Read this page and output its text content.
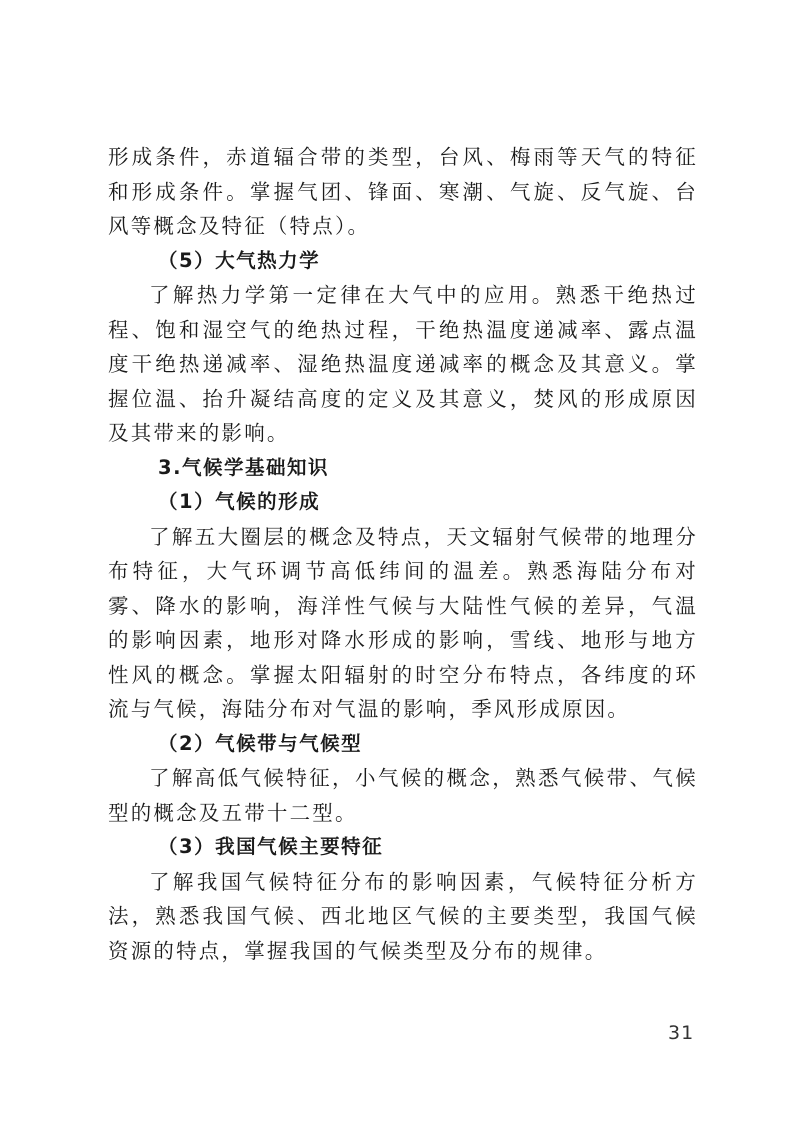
形成条件，赤道辐合带的类型，台风、梅雨等天气的特征和形成条件。掌握气团、锋面、寒潮、气旋、反气旋、台风等概念及特征（特点）。

（5）大气热力学

了解热力学第一定律在大气中的应用。熟悉干绝热过程、饱和湿空气的绝热过程，干绝热温度递减率、露点温度干绝热递减率、湿绝热温度递减率的概念及其意义。掌握位温、抬升凝结高度的定义及其意义，焚风的形成原因及其带来的影响。

3.气候学基础知识

（1）气候的形成

了解五大圈层的概念及特点，天文辐射气候带的地理分布特征，大气环调节高低纬间的温差。熟悉海陆分布对雾、降水的影响，海洋性气候与大陆性气候的差异，气温的影响因素，地形对降水形成的影响，雪线、地形与地方性风的概念。掌握太阳辐射的时空分布特点，各纬度的环流与气候，海陆分布对气温的影响，季风形成原因。

（2）气候带与气候型

了解高低气候特征，小气候的概念，熟悉气候带、气候型的概念及五带十二型。

（3）我国气候主要特征

了解我国气候特征分布的影响因素，气候特征分析方法，熟悉我国气候、西北地区气候的主要类型，我国气候资源的特点，掌握我国的气候类型及分布的规律。

31
